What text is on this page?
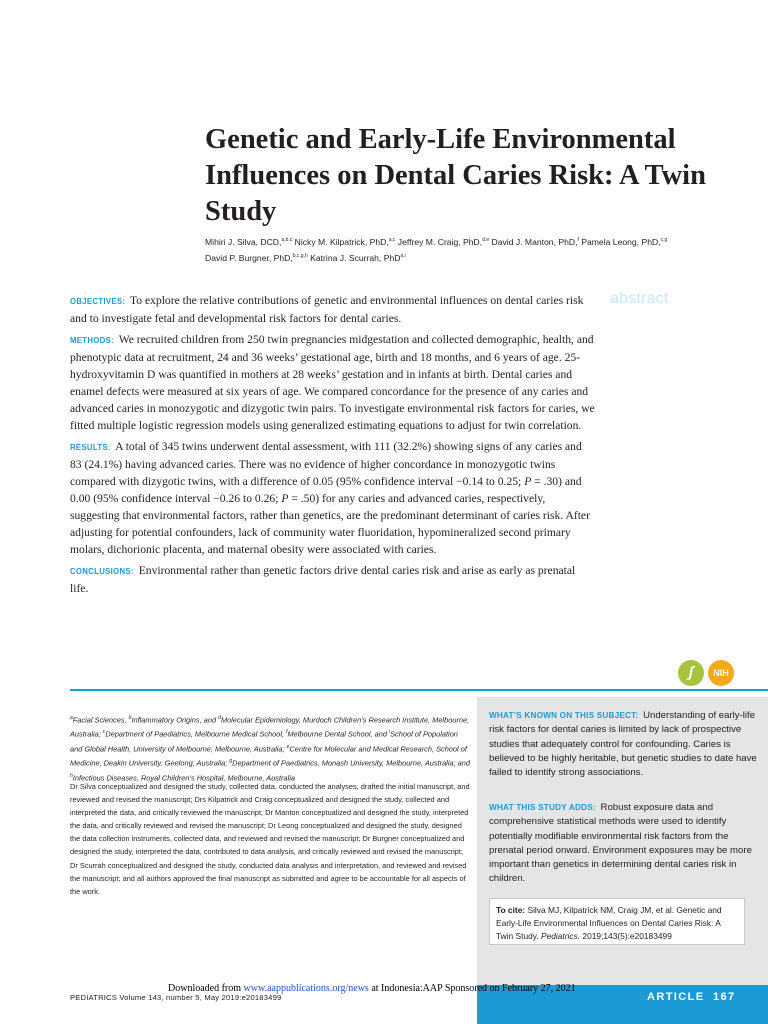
Genetic and Early-Life Environmental Influences on Dental Caries Risk: A Twin Study
Mihiri J. Silva, DCD,$^{a,b,c}$ Nicky M. Kilpatrick, PhD,$^{a,c}$ Jeffrey M. Craig, PhD,$^{d,e}$ David J. Manton, PhD,$^f$ Pamela Leong, PhD,$^{c,g}$
David P. Burgner, PhD,$^{b,c,g,h}$ Katrina J. Scurrah, PhD$^{a,i}$
abstract

OBJECTIVES: To explore the relative contributions of genetic and environmental influences on dental caries risk and to investigate fetal and developmental risk factors for dental caries.

METHODS: We recruited children from 250 twin pregnancies midgestation and collected demographic, health, and phenotypic data at recruitment, 24 and 36 weeks’ gestational age, birth and 18 months, and 6 years of age. 25-hydroxyvitamin D was quantified in mothers at 28 weeks’ gestation and in infants at birth. Dental caries and enamel defects were measured at six years of age. We compared concordance for the presence of any caries and advanced caries in monozygotic and dizygotic twin pairs. To investigate environmental risk factors for caries, we fitted multiple logistic regression models using generalized estimating equations to adjust for twin correlation.

RESULTS: A total of 345 twins underwent dental assessment, with 111 (32.2%) showing signs of any caries and 83 (24.1%) having advanced caries. There was no evidence of higher concordance in monozygotic twins compared with dizygotic twins, with a difference of 0.05 (95% confidence interval −0.14 to 0.25; P = .30) and 0.00 (95% confidence interval −0.26 to 0.26; P = .50) for any caries and advanced caries, respectively, suggesting that environmental factors, rather than genetics, are the predominant determinant of caries risk. After adjusting for potential confounders, lack of community water fluoridation, hypomineralized second primary molars, dichorionic placenta, and maternal obesity were associated with caries.

CONCLUSIONS: Environmental rather than genetic factors drive dental caries risk and arise as early as prenatal life.

ʃ	NIH
$^a$Facial Sciences, $^b$Inflammatory Origins, and $^d$Molecular Epidemiology, Murdoch Children’s Research Institute, Melbourne, Australia; $^c$Department of Paediatrics, Melbourne Medical School, $^f$Melbourne Dental School, and $^i$School of Population and Global Health, University of Melbourne, Melbourne, Australia; $^e$Centre for Molecular and Medical Research, School of Medicine, Deakin University, Geelong, Australia; $^g$Department of Paediatrics, Monash University, Melbourne, Australia; and $^h$Infectious Diseases, Royal Children’s Hospital, Melbourne, Australia
Dr Silva conceptualized and designed the study, collected data, conducted the analyses, drafted the initial manuscript, and reviewed and revised the manuscript; Drs Kilpatrick and Craig conceptualized and designed the study, collected and interpreted the data, and critically reviewed the manuscript; Dr Manton conceptualized and designed the study, interpreted the data, and critically reviewed and revised the manuscript; Dr Leong conceptualized and designed the study, designed the data collection instruments, collected data, and reviewed and revised the manuscript; Dr Burgner conceptualized and designed the study, interpreted the data, contributed to data analysis, and critically reviewed and revised the manuscript; Dr Scurrah conceptualized and designed the study, conducted data analysis and interpretation, and reviewed and revised the manuscript; and all authors approved the final manuscript as submitted and agree to be accountable for all aspects of the work.
WHAT’S KNOWN ON THIS SUBJECT: Understanding of early-life risk factors for dental caries is limited by lack of prospective studies that adequately control for confounding. Caries is believed to be highly heritable, but genetic studies to date have failed to identify strong associations.
WHAT THIS STUDY ADDS: Robust exposure data and comprehensive statistical methods were used to identify potentially modifiable environmental risk factors from the prenatal period onward. Environment exposures may be more important than genetics in determining dental caries risk in children.
To cite: Silva MJ, Kilpatrick NM, Craig JM, et al. Genetic and Early-Life Environmental Influences on Dental Caries Risk: A Twin Study. Pediatrics. 2019;143(5):e20183499
ARTICLE 167
Downloaded from www.aappublications.org/news at Indonesia:AAP Sponsored on February 27, 2021
PEDIATRICS Volume 143, number 5, May 2019:e20183499
